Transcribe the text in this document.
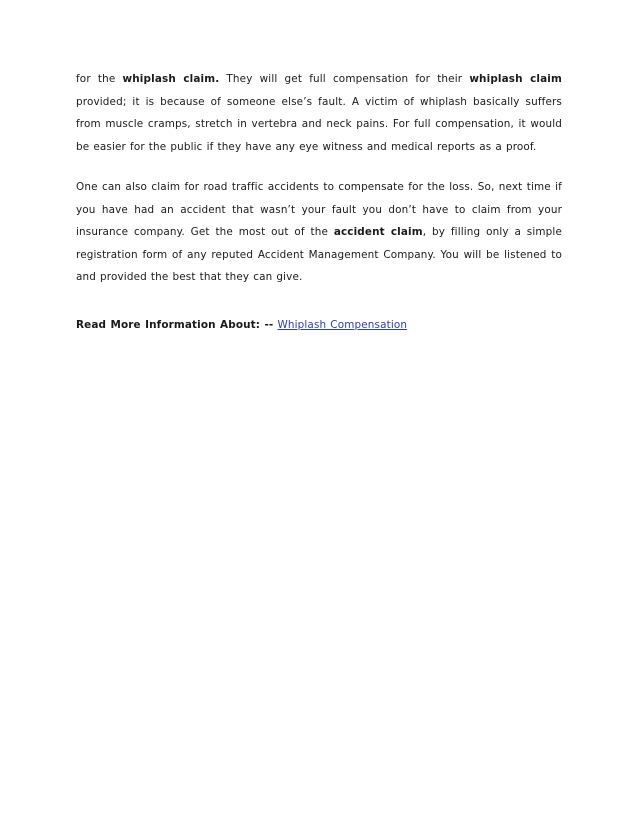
for the whiplash claim. They will get full compensation for their whiplash claim provided; it is because of someone else’s fault. A victim of whiplash basically suffers from muscle cramps, stretch in vertebra and neck pains. For full compensation, it would be easier for the public if they have any eye witness and medical reports as a proof.

One can also claim for road traffic accidents to compensate for the loss. So, next time if you have had an accident that wasn’t your fault you don’t have to claim from your insurance company. Get the most out of the accident claim, by filling only a simple registration form of any reputed Accident Management Company. You will be listened to and provided the best that they can give.

Read More Information About: -- Whiplash Compensation
